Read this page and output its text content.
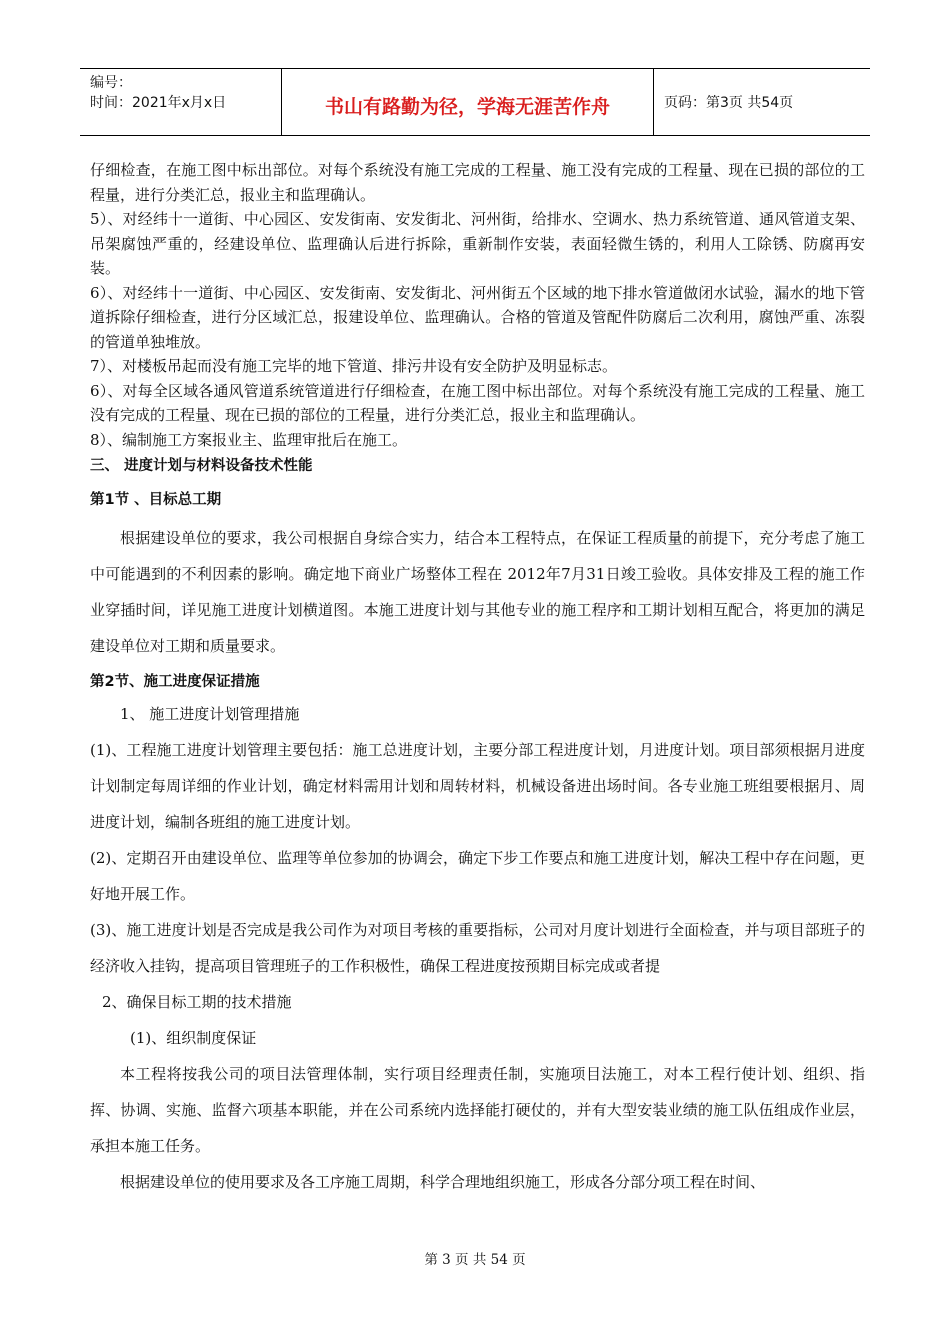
编号：
时间：2021年x月x日	书山有路勤为径，学海无涯苦作舟	页码：第3页 共54页

仔细检查，在施工图中标出部位。对每个系统没有施工完成的工程量、施工没有完成的工程量、现在已损的部位的工程量，进行分类汇总，报业主和监理确认。

5）、对经纬十一道街、中心园区、安发街南、安发街北、河州街，给排水、空调水、热力系统管道、通风管道支架、吊架腐蚀严重的，经建设单位、监理确认后进行拆除，重新制作安装，表面轻微生锈的，利用人工除锈、防腐再安装。

6）、对经纬十一道街、中心园区、安发街南、安发街北、河州街五个区域的地下排水管道做闭水试验，漏水的地下管道拆除仔细检查，进行分区域汇总，报建设单位、监理确认。合格的管道及管配件防腐后二次利用，腐蚀严重、冻裂的管道单独堆放。

7）、对楼板吊起而没有施工完毕的地下管道、排污井设有安全防护及明显标志。

6）、对每全区域各通风管道系统管道进行仔细检查，在施工图中标出部位。对每个系统没有施工完成的工程量、施工没有完成的工程量、现在已损的部位的工程量，进行分类汇总，报业主和监理确认。

8）、编制施工方案报业主、监理审批后在施工。

三、 进度计划与材料设备技术性能

第1节 、目标总工期

根据建设单位的要求，我公司根据自身综合实力，结合本工程特点，在保证工程质量的前提下，充分考虑了施工中可能遇到的不利因素的影响。确定地下商业广场整体工程在 2012年7月31日竣工验收。具体安排及工程的施工作业穿插时间，详见施工进度计划横道图。本施工进度计划与其他专业的施工程序和工期计划相互配合，将更加的满足建设单位对工期和质量要求。

第2节、施工进度保证措施

1、 施工进度计划管理措施

(1)、工程施工进度计划管理主要包括：施工总进度计划，主要分部工程进度计划，月进度计划。项目部须根据月进度计划制定每周详细的作业计划，确定材料需用计划和周转材料，机械设备进出场时间。各专业施工班组要根据月、周进度计划，编制各班组的施工进度计划。

(2)、定期召开由建设单位、监理等单位参加的协调会，确定下步工作要点和施工进度计划，解决工程中存在问题，更好地开展工作。

(3)、施工进度计划是否完成是我公司作为对项目考核的重要指标，公司对月度计划进行全面检查，并与项目部班子的经济收入挂钩，提高项目管理班子的工作积极性，确保工程进度按预期目标完成或者提

2、确保目标工期的技术措施

(1)、组织制度保证

本工程将按我公司的项目法管理体制，实行项目经理责任制，实施项目法施工，对本工程行使计划、组织、指挥、协调、实施、监督六项基本职能，并在公司系统内选择能打硬仗的，并有大型安装业绩的施工队伍组成作业层，承担本施工任务。

根据建设单位的使用要求及各工序施工周期，科学合理地组织施工，形成各分部分项工程在时间、

第 3 页 共 54 页
